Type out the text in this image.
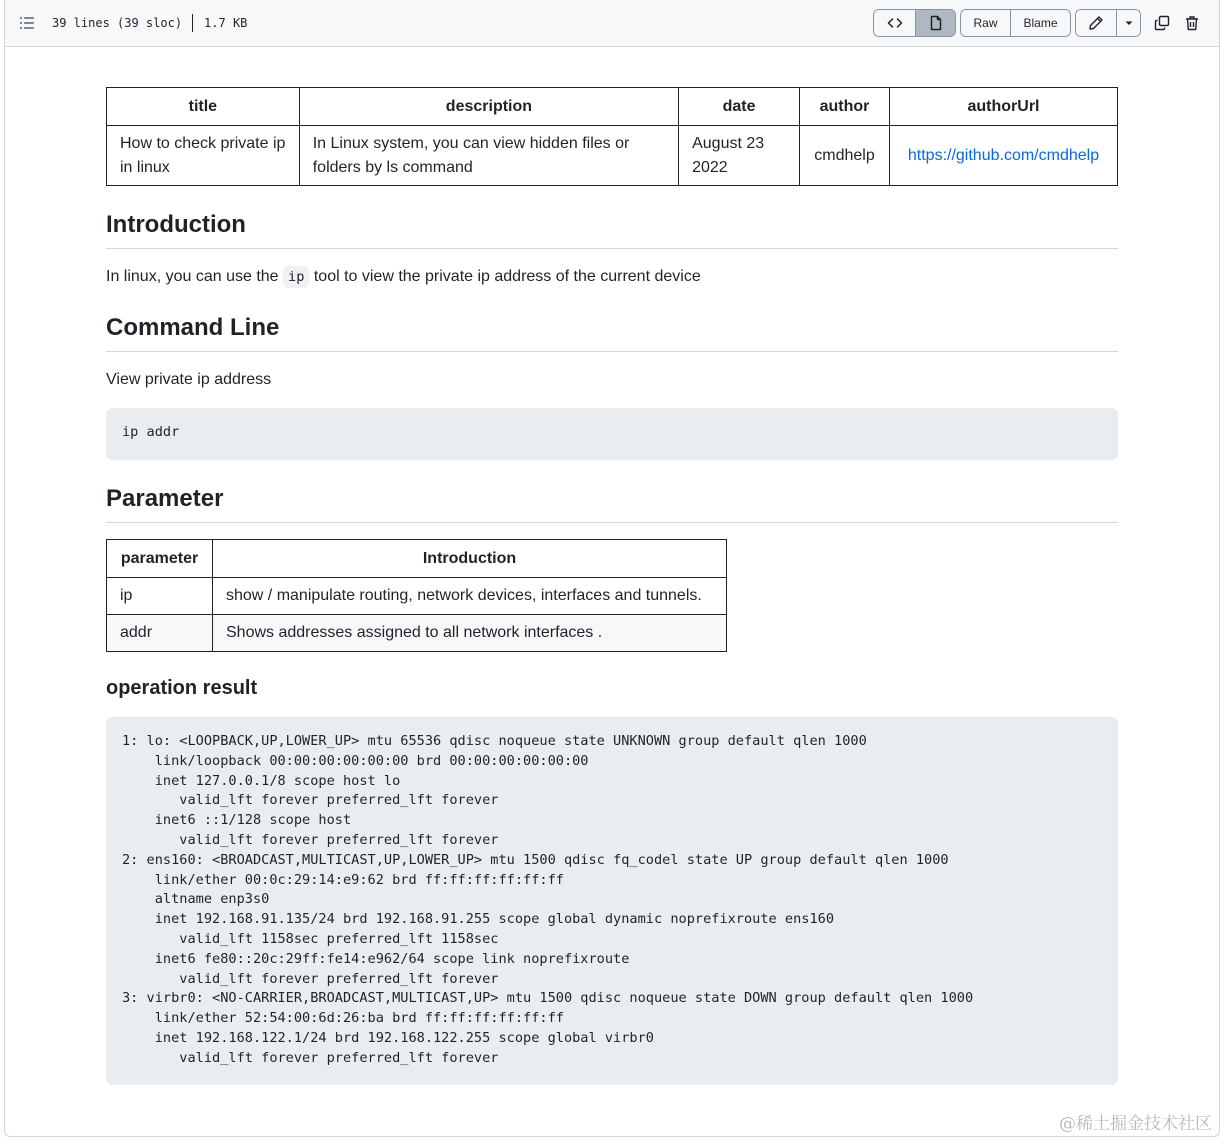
39 lines (39 sloc) 1.7 KB	Raw	Blame
title	description	date	author	authorUrl
How to check private ip in linux	In Linux system, you can view hidden files or folders by ls command	August 23 2022	cmdhelp	https://github.com/cmdhelp
Introduction

In linux, you can use the ip tool to view the private ip address of the current device

Command Line

View private ip address

ip addr
Parameter
parameter	Introduction
ip	show / manipulate routing, network devices, interfaces and tunnels.
addr	Shows addresses assigned to all network interfaces .
operation result
1: lo: <LOOPBACK,UP,LOWER_UP> mtu 65536 qdisc noqueue state UNKNOWN group default qlen 1000
link/loopback 00:00:00:00:00:00 brd 00:00:00:00:00:00
inet 127.0.0.1/8 scope host lo
valid_lft forever preferred_lft forever
inet6 ::1/128 scope host
valid_lft forever preferred_lft forever
2: ens160: <BROADCAST,MULTICAST,UP,LOWER_UP> mtu 1500 qdisc fq_codel state UP group default qlen 1000
link/ether 00:0c:29:14:e9:62 brd ff:ff:ff:ff:ff:ff
altname enp3s0
inet 192.168.91.135/24 brd 192.168.91.255 scope global dynamic noprefixroute ens160
valid_lft 1158sec preferred_lft 1158sec
inet6 fe80::20c:29ff:fe14:e962/64 scope link noprefixroute
valid_lft forever preferred_lft forever
3: virbr0: <NO-CARRIER,BROADCAST,MULTICAST,UP> mtu 1500 qdisc noqueue state DOWN group default qlen 1000
link/ether 52:54:00:6d:26:ba brd ff:ff:ff:ff:ff:ff
inet 192.168.122.1/24 brd 192.168.122.255 scope global virbr0
valid_lft forever preferred_lft forever
@稀土掘金技术社区
